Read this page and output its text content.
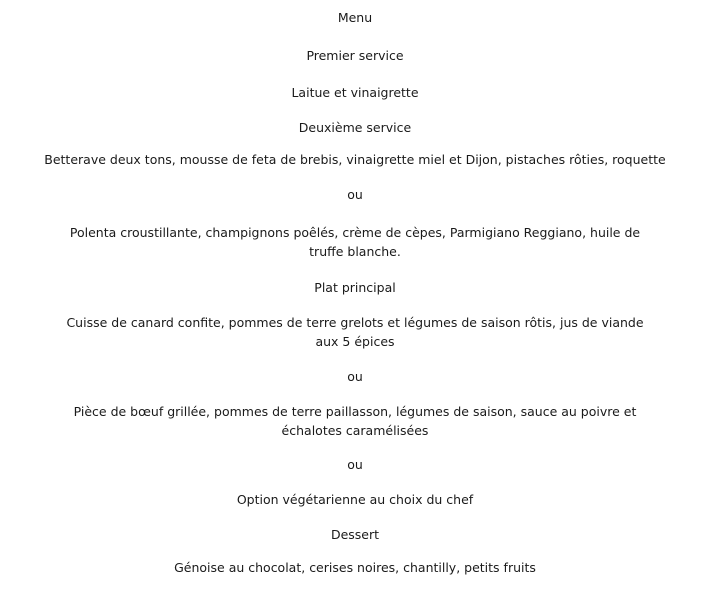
Menu
Premier service
Laitue et vinaigrette
Deuxième service
Betterave deux tons, mousse de feta de brebis, vinaigrette miel et Dijon, pistaches rôties, roquette
ou
Polenta croustillante, champignons poêlés, crème de cèpes, Parmigiano Reggiano, huile de truffe blanche.
Plat principal
Cuisse de canard confite, pommes de terre grelots et légumes de saison rôtis, jus de viande aux 5 épices
ou
Pièce de bœuf grillée, pommes de terre paillasson, légumes de saison, sauce au poivre et échalotes caramélisées
ou
Option végétarienne au choix du chef
Dessert
Génoise au chocolat, cerises noires, chantilly, petits fruits
